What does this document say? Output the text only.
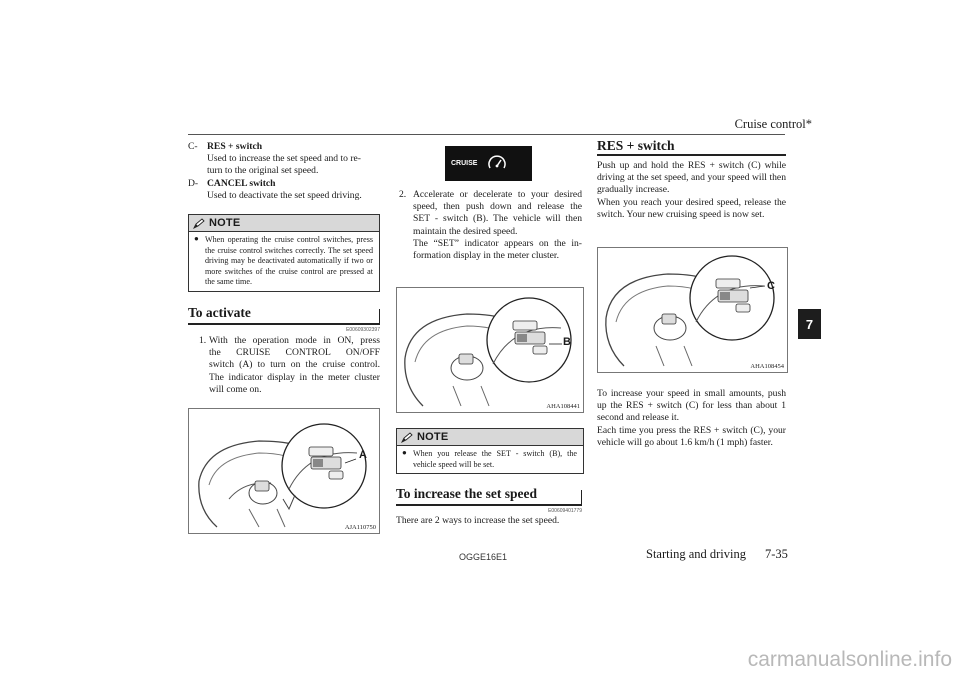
Cruise control*
7
C- RES + switch
Used to increase the set speed and to re-
turn to the original set speed.
D- CANCEL switch
Used to deactivate the set speed driving.
NOTE
● When operating the cruise control switches, press the cruise control switches correctly. The set speed driving may be deactivated automatically if two or more switches of the cruise control are pressed at the same time.
To activate
E00609302397
1. With the operation mode in ON, press
the CRUISE CONTROL ON/OFF
switch (A) to turn on the cruise control.
The indicator display in the meter cluster
will come on.
A
AJA110750
CRUISE
2. Accelerate or decelerate to your desired
speed, then push down and release the
SET - switch (B). The vehicle will then
maintain the desired speed.
The “SET” indicator appears on the in-
formation display in the meter cluster.
B
AHA108441
NOTE
● When you release the SET - switch (B), the vehicle speed will be set.
To increase the set speed
E00609401779
There are 2 ways to increase the set speed.
RES + switch

Push up and hold the RES + switch (C) while driving at the set speed, and your speed will then gradually increase.

When you reach your desired speed, release the switch. Your new cruising speed is now set.

C
AHA108454

To increase your speed in small amounts, push up the RES + switch (C) for less than about 1 second and release it.

Each time you press the RES + switch (C), your vehicle will go about 1.6 km/h (1 mph) faster.

OGGE16E1	Starting and driving 7-35
carmanualsonline.info
